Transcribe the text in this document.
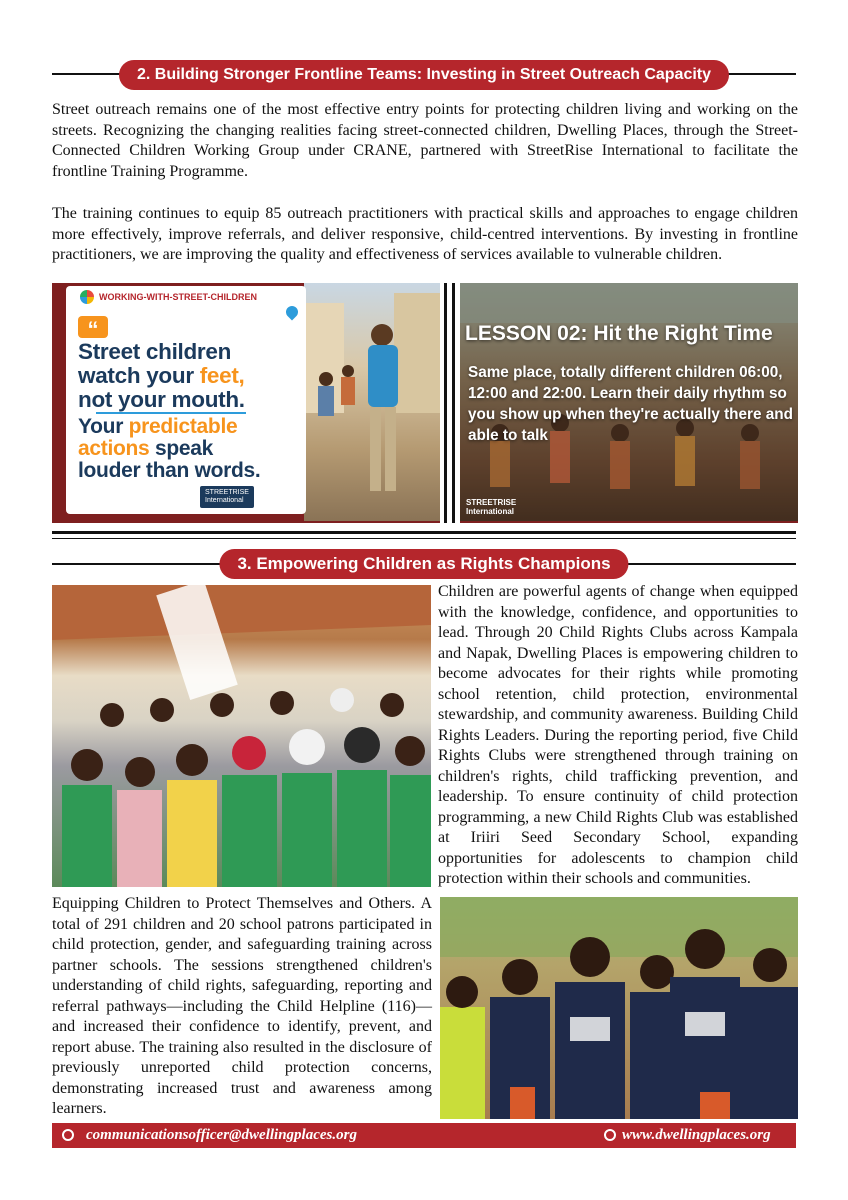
2. Building Stronger Frontline Teams: Investing in Street Outreach Capacity

Street outreach remains one of the most effective entry points for protecting children living and working on the streets. Recognizing the changing realities facing street-connected children, Dwelling Places, through the Street-Connected Children Working Group under CRANE, partnered with StreetRise International to facilitate the frontline Training Programme.

The training continues to equip 85 outreach practitioners with practical skills and approaches to engage children more effectively, improve referrals, and deliver responsive, child-centred interventions. By investing in frontline practitioners, we are improving the quality and effectiveness of services available to vulnerable children.

WORKING-WITH-STREET-CHILDREN
“
Street children
watch your feet,
not your mouth.
Your predictable
actions speak
louder than words.
STREETRISE
International
LESSON 02: Hit the Right Time
Same place, totally different children 06:00, 12:00 and 22:00. Learn their daily rhythm so you show up when they're actually there and able to talk
STREETRISE
International
3. Empowering Children as Rights Champions

Children are powerful agents of change when equipped with the knowledge, confidence, and opportunities to lead. Through 20 Child Rights Clubs across Kampala and Napak, Dwelling Places is empowering children to become advocates for their rights while promoting school retention, child protection, environmental stewardship, and community awareness. Building Child Rights Leaders. During the reporting period, five Child Rights Clubs were strengthened through training on children's rights, child trafficking prevention, and leadership. To ensure continuity of child protection programming, a new Child Rights Club was established at Iriiri Seed Secondary School, expanding opportunities for adolescents to champion child protection within their schools and communities.

Equipping Children to Protect Themselves and Others. A total of 291 children and 20 school patrons participated in child protection, gender, and safeguarding training across partner schools. The sessions strengthened children's understanding of child rights, safeguarding, reporting and referral pathways—including the Child Helpline (116)—and increased their confidence to identify, prevent, and report abuse. The training also resulted in the disclosure of previously unreported child protection concerns, demonstrating increased trust and awareness among learners.

communicationsofficer@dwellingplaces.org	www.dwellingplaces.org
